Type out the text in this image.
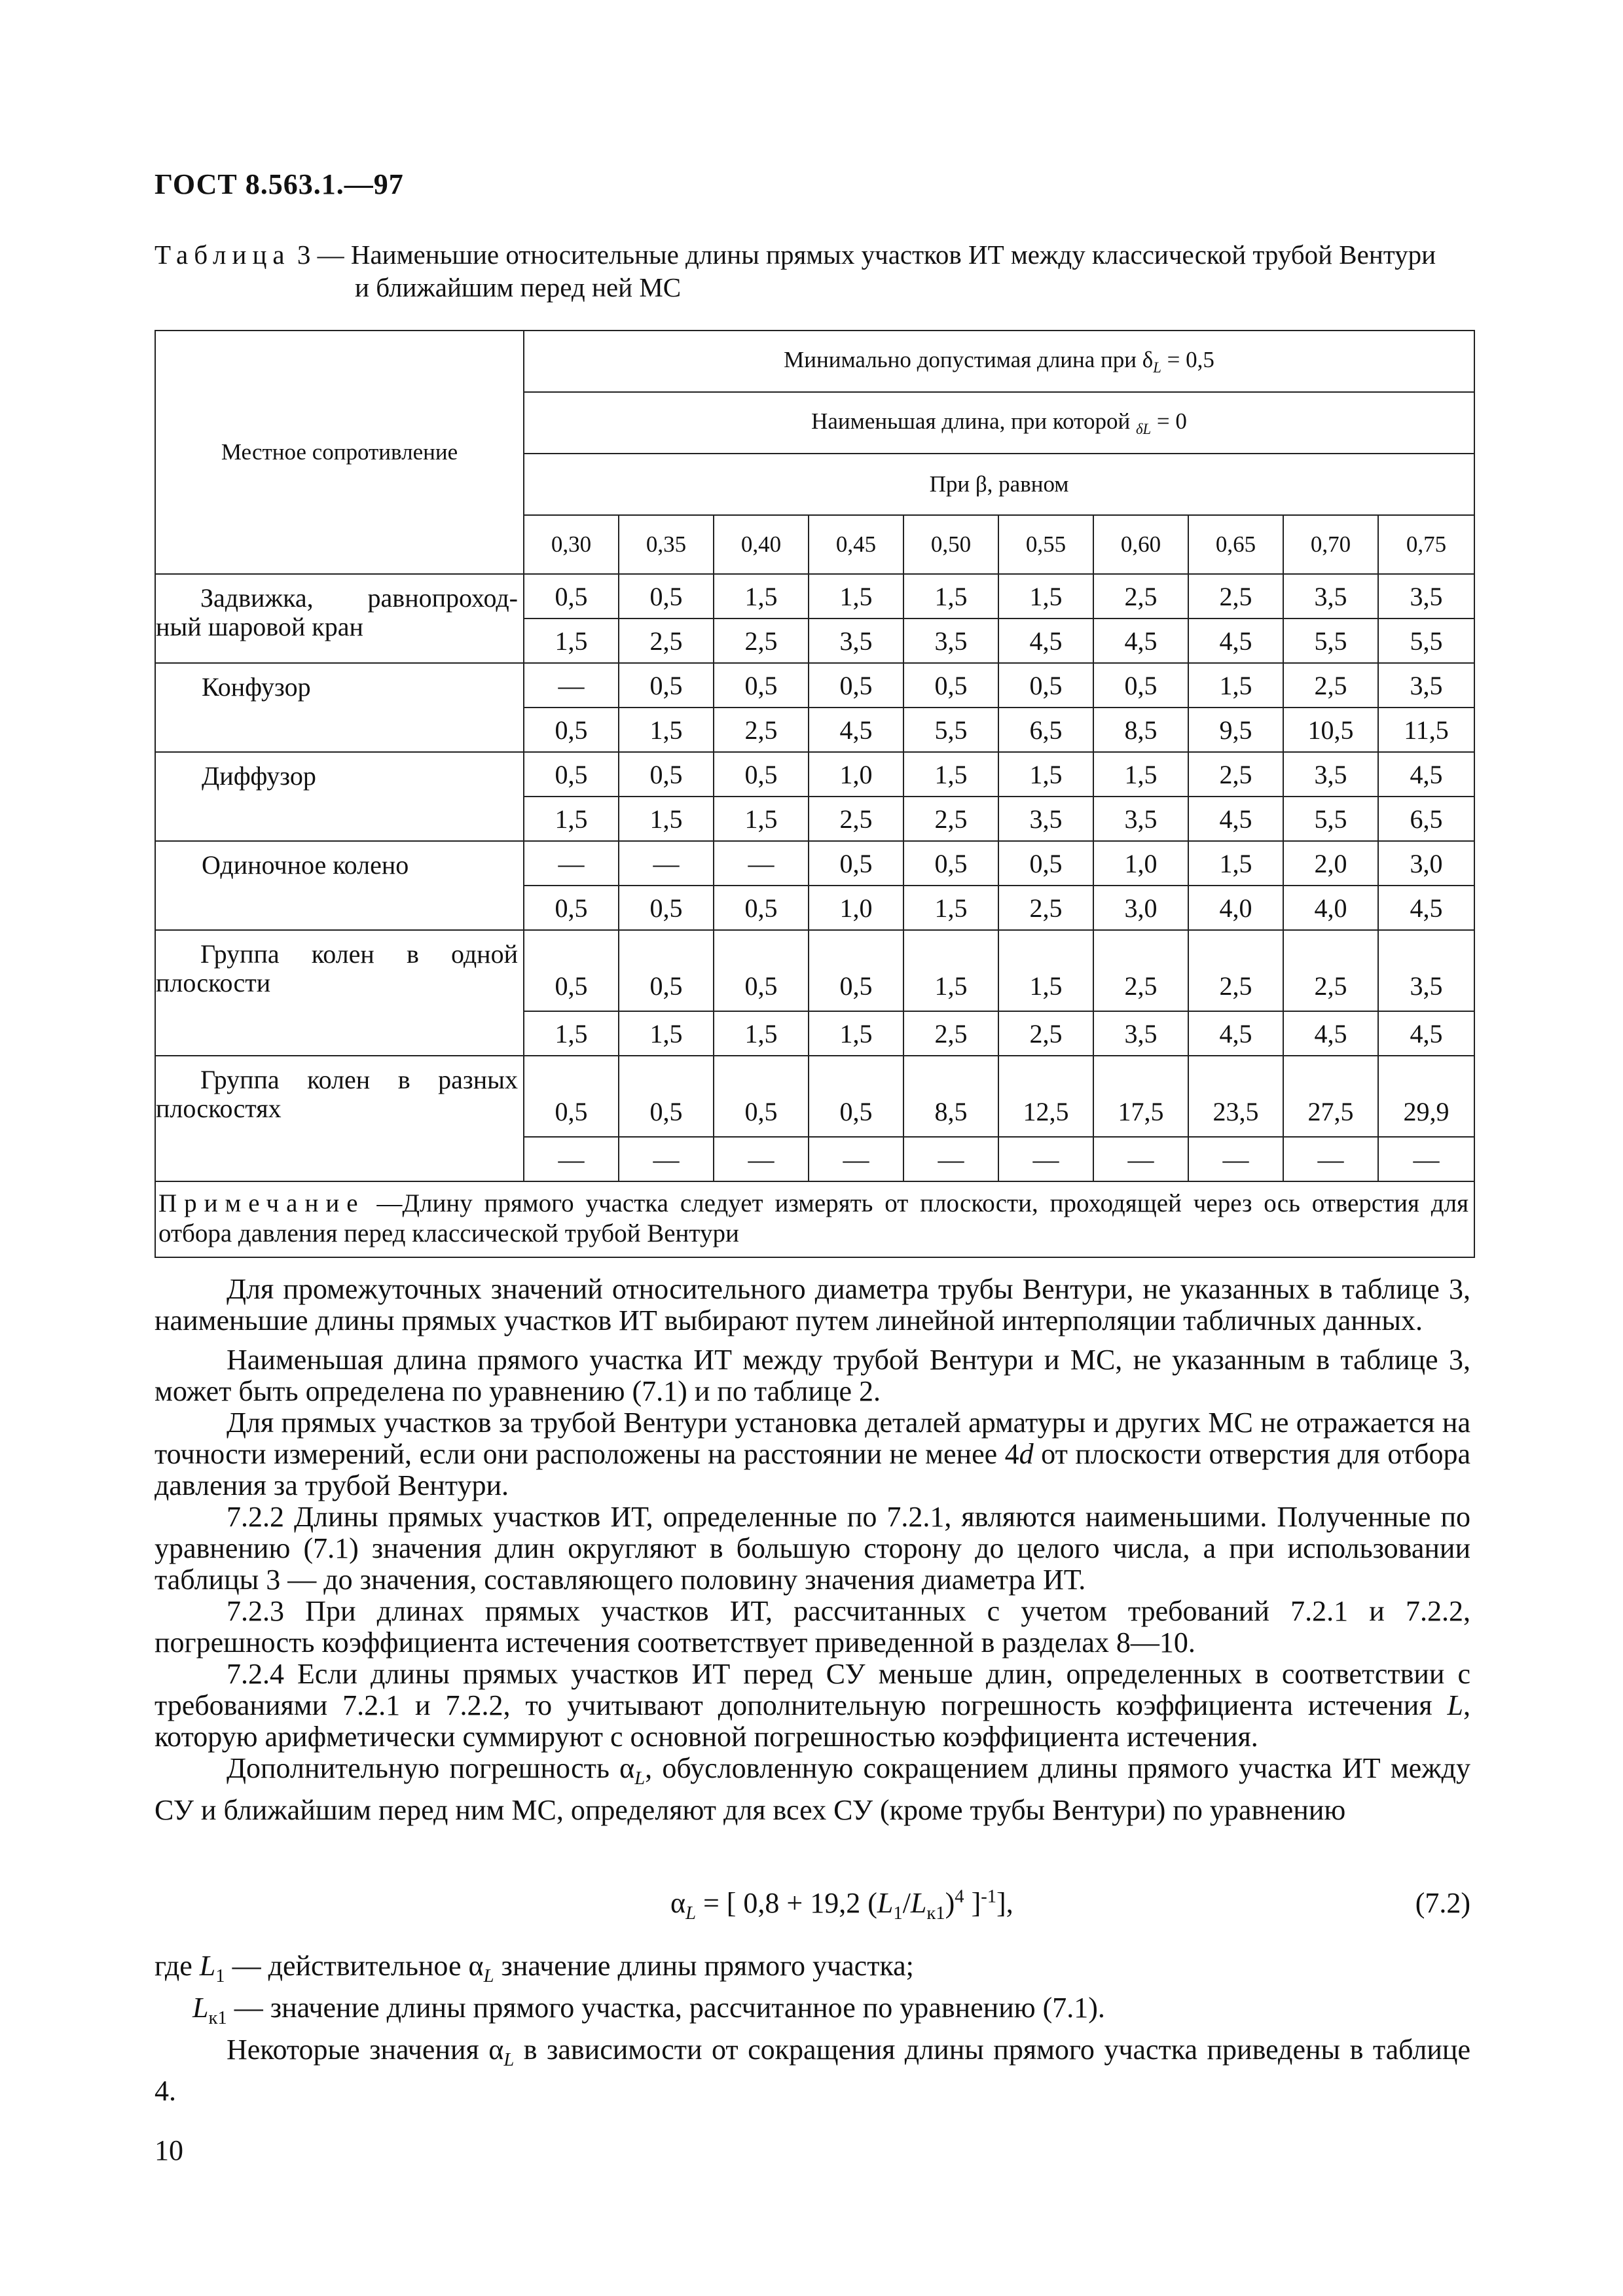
ГОСТ 8.563.1.—97
Таблица 3 — Наименьшие относительные длины прямых участков ИТ между классической трубой Вентури
и ближайшим перед ней МС
Местное сопротивление	Минимально допустимая длина при $\delta_L = 0,5$									
	Наименьшая длина, при которой $_{\delta L}$ = 0									
	При β, равном									
	0,30	0,35	0,40	0,45	0,50	0,55	0,60	0,65	0,70	0,75

Задвижка, равнопроход-
ный шаровой кран	0,5	0,5	1,5	1,5	1,5	1,5	2,5	2,5	3,5	3,5
	1,5	2,5	2,5	3,5	3,5	4,5	4,5	4,5	5,5	5,5
Конфузор	—	0,5	0,5	0,5	0,5	0,5	0,5	1,5	2,5	3,5
	0,5	1,5	2,5	4,5	5,5	6,5	8,5	9,5	10,5	11,5
Диффузор	0,5	0,5	0,5	1,0	1,5	1,5	1,5	2,5	3,5	4,5
	1,5	1,5	1,5	2,5	2,5	3,5	3,5	4,5	5,5	6,5
Одиночное колено	—	—	—	0,5	0,5	0,5	1,0	1,5	2,0	3,0
	0,5	0,5	0,5	1,0	1,5	2,5	3,0	4,0	4,0	4,5

Группа колен в одной
плоскости	0,5	0,5	0,5	0,5	1,5	1,5	2,5	2,5	2,5	3,5
	1,5	1,5	1,5	1,5	2,5	2,5	3,5	4,5	4,5	4,5

Группа колен в разных
плоскостях	0,5	0,5	0,5	0,5	8,5	12,5	17,5	23,5	27,5	29,9
	—	—	—	—	—	—	—	—	—	—
Примечание —Длину прямого участка следует измерять от плоскости, проходящей через ось отверстия для отбора давления перед классической трубой Вентури										

Для промежуточных значений относительного диаметра трубы Вентури, не указанных в таблице 3, наименьшие длины прямых участков ИТ выбирают путем линейной интерполяции табличных данных.

Наименьшая длина прямого участка ИТ между трубой Вентури и МС, не указанным в таблице 3, может быть определена по уравнению (7.1) и по таблице 2.

Для прямых участков за трубой Вентури установка деталей арматуры и других МС не отражается на точности измерений, если они расположены на расстоянии не менее 4d от плоскости отверстия для отбора давления за трубой Вентури.

7.2.2 Длины прямых участков ИТ, определенные по 7.2.1, являются наименьшими. Полученные по уравнению (7.1) значения длин округляют в большую сторону до целого числа, а при использовании таблицы 3 — до значения, составляющего половину значения диаметра ИТ.

7.2.3 При длинах прямых участков ИТ, рассчитанных с учетом требований 7.2.1 и 7.2.2, погрешность коэффициента истечения соответствует приведенной в разделах 8—10.

7.2.4 Если длины прямых участков ИТ перед СУ меньше длин, определенных в соответствии с требованиями 7.2.1 и 7.2.2, то учитывают дополнительную погрешность коэффициента истечения L, которую арифметически суммируют с основной погрешностью коэффициента истечения.

Дополнительную погрешность $\alpha_L$, обусловленную сокращением длины прямого участка ИТ между СУ и ближайшим перед ним МС, определяют для всех СУ (кроме трубы Вентури) по уравнению

$\alpha_L$ = [ 0,8 + 19,2 $(L_1/L_{к1})^4$ ]$^{-1}$],	(7.2)
где $L_1$ — действительное $\alpha_L$ значение длины прямого участка;
$L_{к1}$ — значение длины прямого участка, рассчитанное по уравнению (7.1).

Некоторые значения $\alpha_L$ в зависимости от сокращения длины прямого участка приведены в таблице 4.

10
